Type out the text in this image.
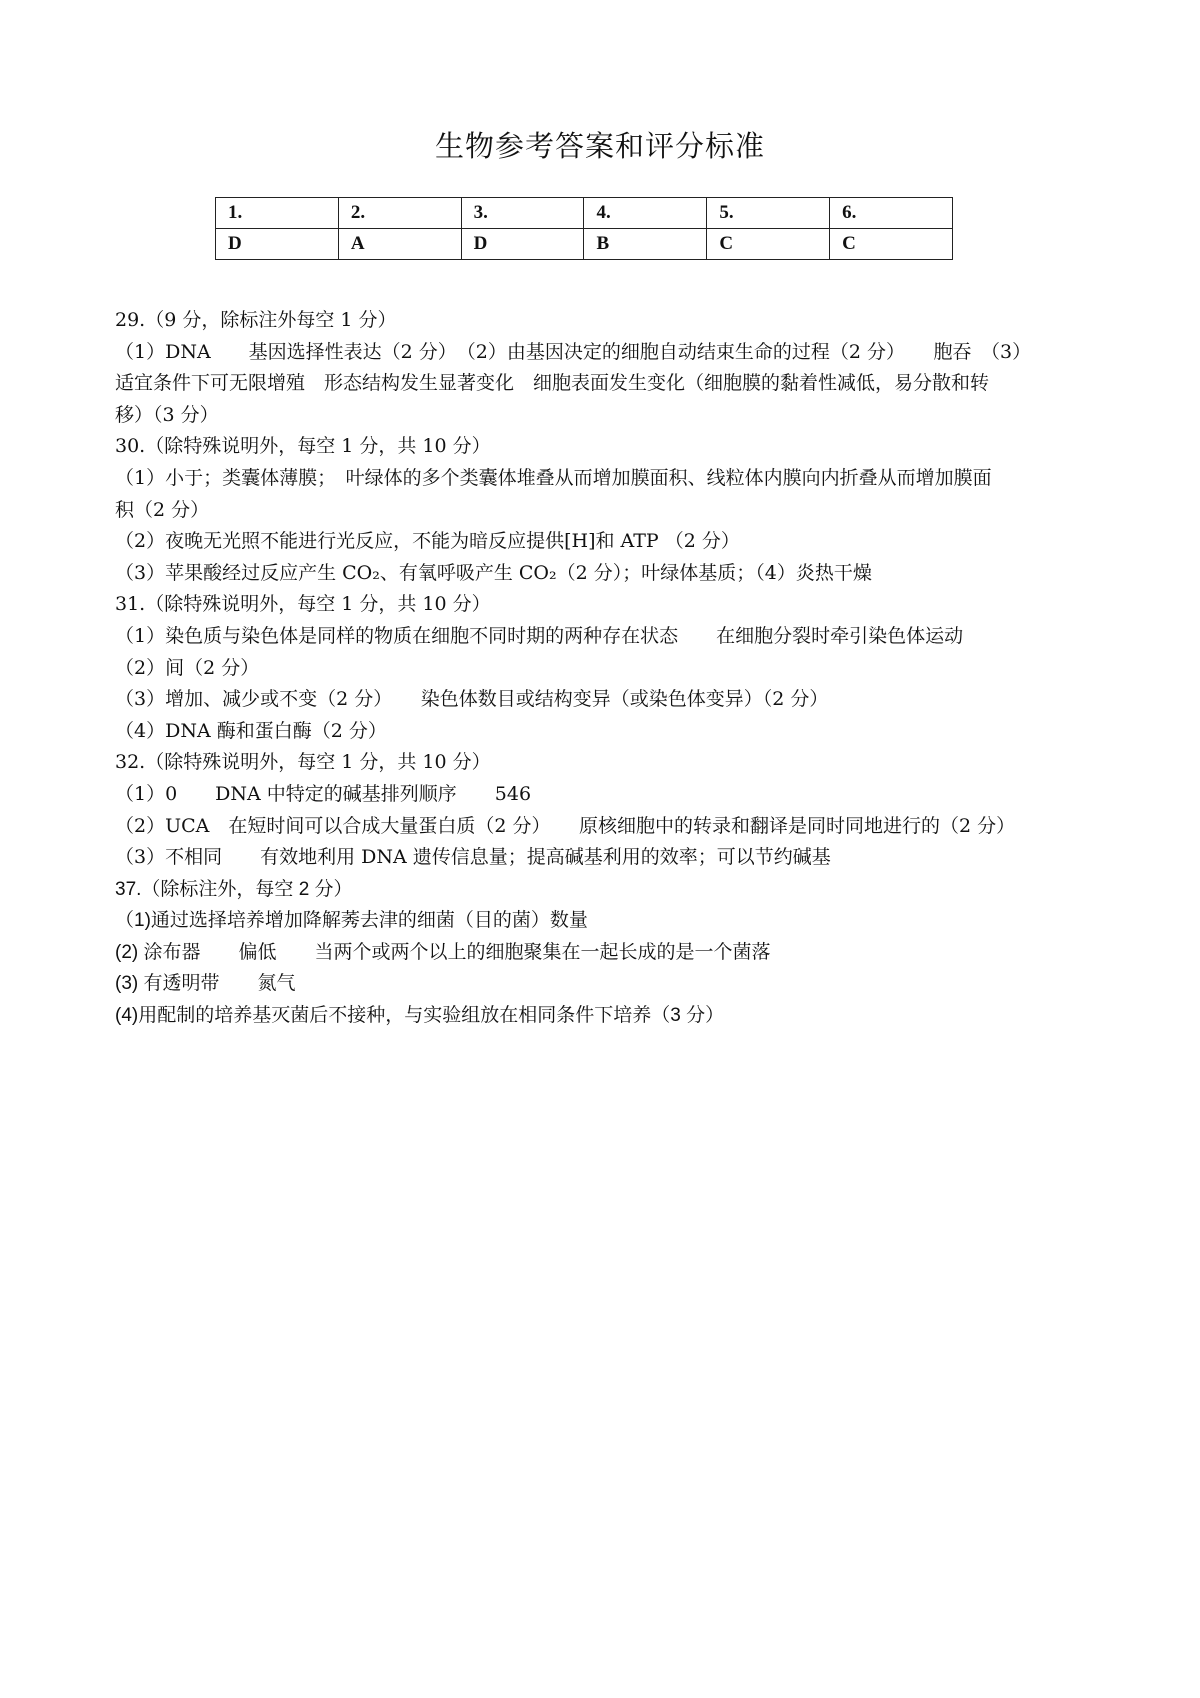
生物参考答案和评分标准
1.	2.	3.	4.	5.	6.
D	A	D	B	C	C
29.（9 分，除标注外每空 1 分）
（1）DNA　　基因选择性表达（2 分）　（2）由基因决定的细胞自动结束生命的过程（2 分）　　胞吞　（3）
适宜条件下可无限增殖　形态结构发生显著变化　细胞表面发生变化（细胞膜的黏着性减低，易分散和转
移）（3 分）
30.（除特殊说明外，每空 1 分，共 10 分）
（1）小于；类囊体薄膜；　叶绿体的多个类囊体堆叠从而增加膜面积、线粒体内膜向内折叠从而增加膜面
积（2 分）
（2）夜晚无光照不能进行光反应，不能为暗反应提供[H]和 ATP （2 分）
（3）苹果酸经过反应产生 CO₂、有氧呼吸产生 CO₂（2 分）；叶绿体基质；（4）炎热干燥
31.（除特殊说明外，每空 1 分，共 10 分）
（1）染色质与染色体是同样的物质在细胞不同时期的两种存在状态　　在细胞分裂时牵引染色体运动
（2）间（2 分）
（3）增加、减少或不变（2 分）　　染色体数目或结构变异（或染色体变异）（2 分）
（4）DNA 酶和蛋白酶（2 分）
32.（除特殊说明外，每空 1 分，共 10 分）
（1）0　　DNA 中特定的碱基排列顺序　　546
（2）UCA　在短时间可以合成大量蛋白质（2 分）　　原核细胞中的转录和翻译是同时同地进行的（2 分）
（3）不相同　　有效地利用 DNA 遗传信息量；提高碱基利用的效率；可以节约碱基
37.（除标注外，每空 2 分）
（1)通过选择培养增加降解莠去津的细菌（目的菌）数量
(2) 涂布器　　偏低　　当两个或两个以上的细胞聚集在一起长成的是一个菌落
(3) 有透明带　　氮气
(4)用配制的培养基灭菌后不接种，与实验组放在相同条件下培养（3 分）
